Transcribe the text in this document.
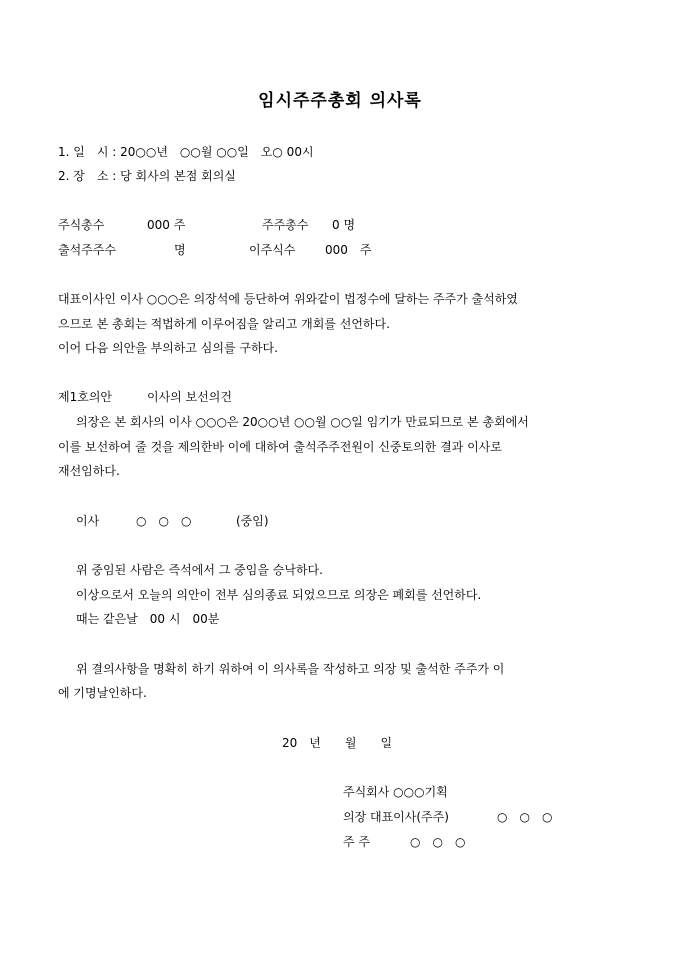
임시주주총회 의사록
1. 일　시 : 20○○년　○○월 ○○일　오○ 00시
2. 장　소 : 당 회사의 본점 회의실
주식총수	000 주	주주총수 0 명
출석주주수	명	이주식수 000　주
대표이사인 이사 ○○○은 의장석에 등단하여 위와같이 법정수에 달하는 주주가 출석하였
으므로 본 총회는 적법하게 이루어짐을 알리고 개회를 선언하다.
이어 다음 의안을 부의하고 심의를 구하다.
제1호의안	이사의 보선의건
의장은 본 회사의 이사 ○○○은 20○○년 ○○월 ○○일 임기가 만료되므로 본 총회에서
이를 보선하여 줄 것을 제의한바 이에 대하여 출석주주전원이 신중토의한 결과 이사로
재선임하다.
이사	○　○　○	(중임)
위 중임된 사람은 즉석에서 그 중임을 승낙하다.
이상으로서 오늘의 의안이 전부 심의종료 되었으므로 의장은 폐회를 선언하다.
때는 같은날　00 시　00분
위 결의사항을 명확히 하기 위하여 이 의사록을 작성하고 의장 및 출석한 주주가 이
에 기명날인하다.
20　년　　월　　일
주식회사 ○○○기획
의장 대표이사(주주)	○　○　○
주 주	○　○　○
